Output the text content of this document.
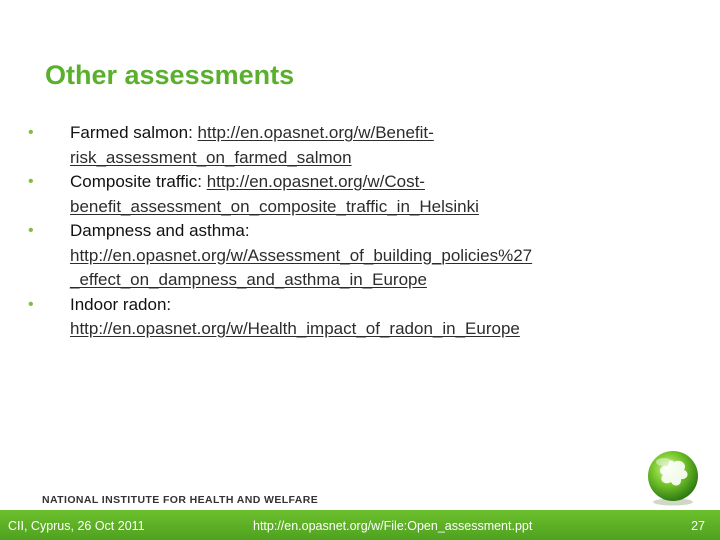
Other assessments
• Farmed salmon: http://en.opasnet.org/w/Benefit-
risk_assessment_on_farmed_salmon
• Composite traffic: http://en.opasnet.org/w/Cost-
benefit_assessment_on_composite_traffic_in_Helsinki
• Dampness and asthma:
http://en.opasnet.org/w/Assessment_of_building_policies%27
_effect_on_dampness_and_asthma_in_Europe
• Indoor radon:
http://en.opasnet.org/w/Health_impact_of_radon_in_Europe
NATIONAL INSTITUTE FOR HEALTH AND WELFARE
CII, Cyprus, 26 Oct 2011	http://en.opasnet.org/w/File:Open_assessment.ppt	27
